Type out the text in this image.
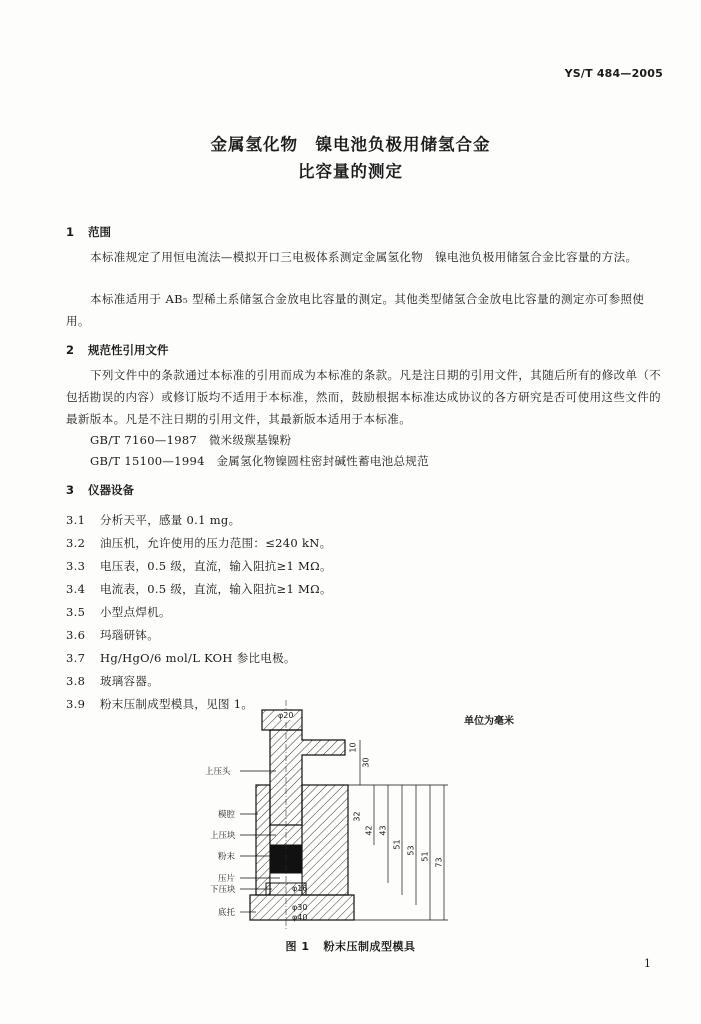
YS/T 484—2005
金属氢化物　镍电池负极用储氢合金
比容量的测定
1 范围
本标准规定了用恒电流法—模拟开口三电极体系测定金属氢化物　镍电池负极用储氢合金比容量的方法。
本标准适用于 AB₅ 型稀土系储氢合金放电比容量的测定。其他类型储氢合金放电比容量的测定亦可参照使用。
2 规范性引用文件
下列文件中的条款通过本标准的引用而成为本标准的条款。凡是注日期的引用文件，其随后所有的修改单（不包括勘误的内容）或修订版均不适用于本标准，然而，鼓励根据本标准达成协议的各方研究是否可使用这些文件的最新版本。凡是不注日期的引用文件，其最新版本适用于本标准。
GB/T 7160—1987　微米级羰基镍粉
GB/T 15100—1994　金属氢化物镍圆柱密封碱性蓄电池总规范
3 仪器设备
3.1 分析天平，感量 0.1 mg。
3.2 油压机，允许使用的压力范围：≤240 kN。
3.3 电压表，0.5 级，直流，输入阻抗≥1 MΩ。
3.4 电流表，0.5 级，直流，输入阻抗≥1 MΩ。
3.5 小型点焊机。
3.6 玛瑙研钵。
3.7 Hg/HgO/6 mol/L KOH 参比电极。
3.8 玻璃容器。
3.9 粉末压制成型模具，见图 1。
单位为毫米
上压头
模腔
上压块
粉末
压片
下压块
底托
φ20
φ16
φ30
φ40
10
30
32
42 43
51
53
51
73
图 1 粉末压制成型模具
1
